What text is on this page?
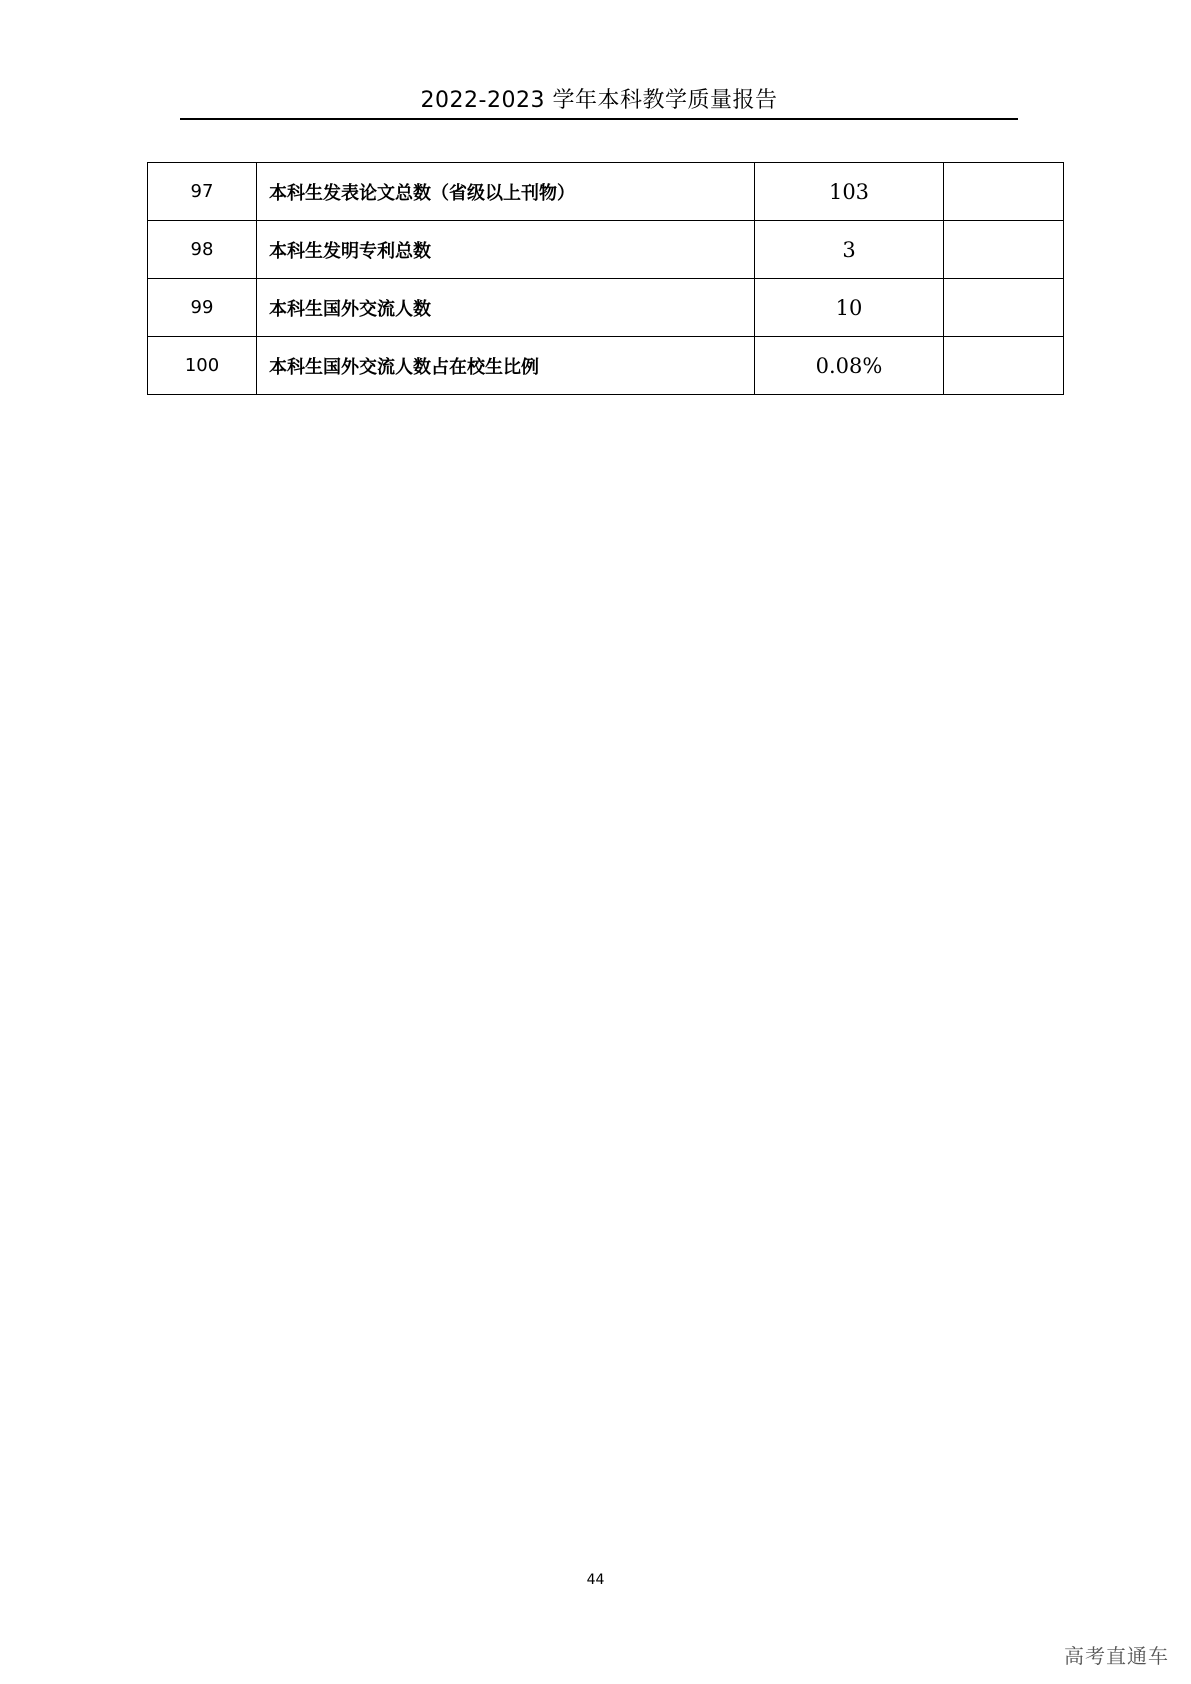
2022-2023 学年本科教学质量报告
97	本科生发表论文总数（省级以上刊物）	103	
98	本科生发明专利总数	3	
99	本科生国外交流人数	10	
100	本科生国外交流人数占在校生比例	0.08%	
44
高考直通车
